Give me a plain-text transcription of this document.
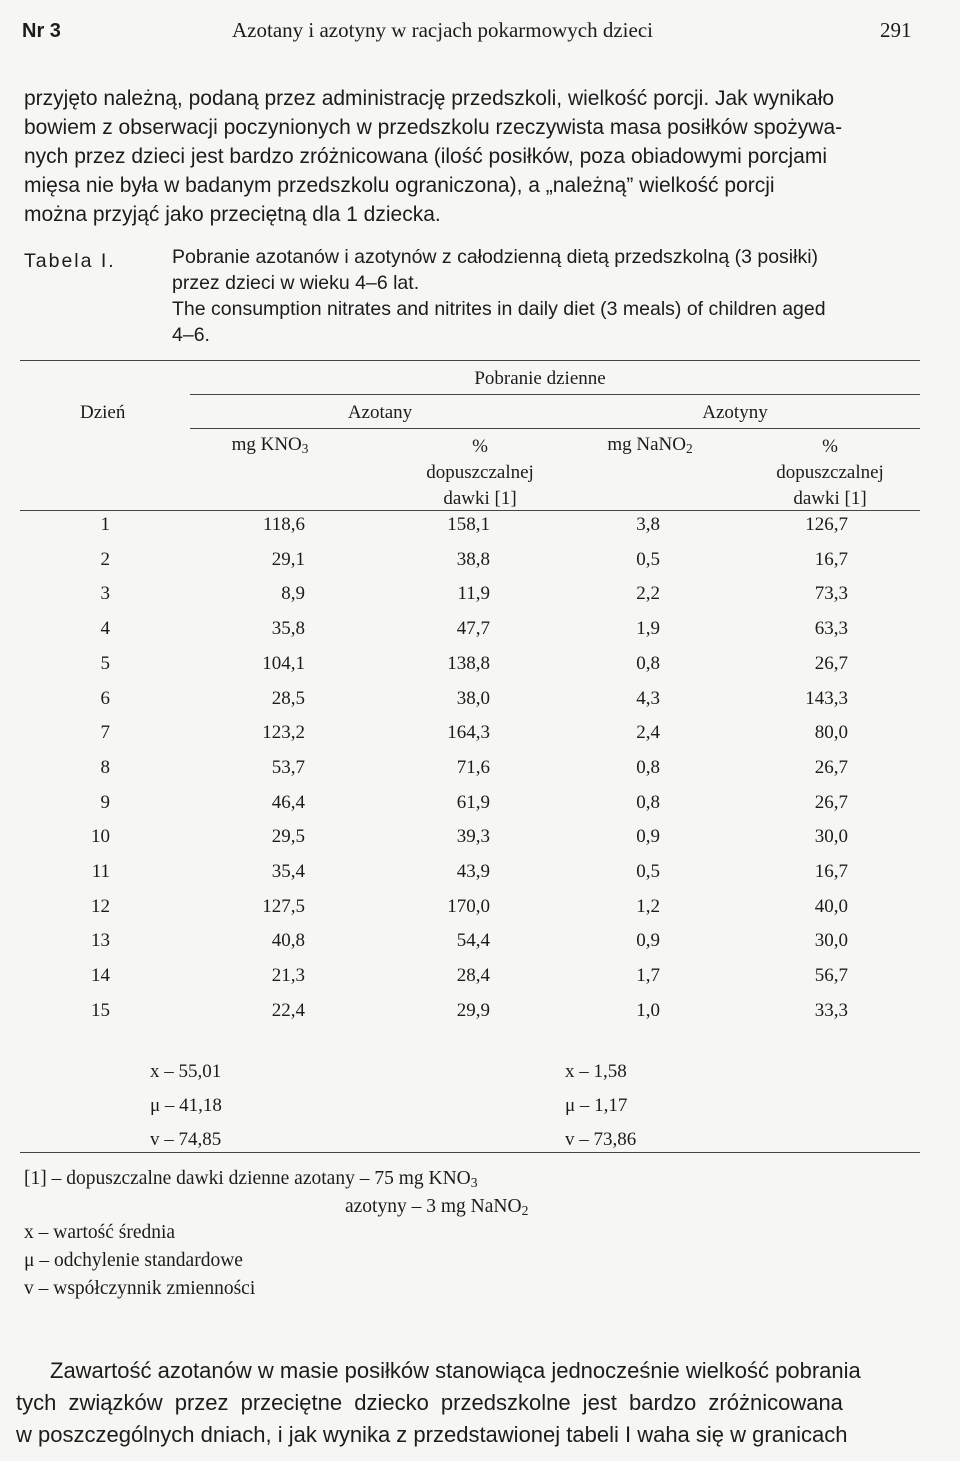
Nr 3	Azotany i azotyny w racjach pokarmowych dzieci	291
przyjęto należną, podaną przez administrację przedszkoli, wielkość porcji. Jak wynikało
bowiem z obserwacji poczynionych w przedszkolu rzeczywista masa posiłków spożywa-
nych przez dzieci jest bardzo zróżnicowana (ilość posiłków, poza obiadowymi porcjami
mięsa nie była w badanym przedszkolu ograniczona), a „należną” wielkość porcji
można przyjąć jako przeciętną dla 1 dziecka.
Tabela I.	Pobranie azotanów i azotynów z całodzienną dietą przedszkolną (3 posiłki)
przez dzieci w wieku 4–6 lat.
The consumption nitrates and nitrites in daily diet (3 meals) of children aged
4–6.
Dzień
Pobranie dzienne
Azotany	Azotyny
mg $KNO_3$	%
dopuszczalnej
dawki [1]
mg NaNO$_2$	%
dopuszczalnej
dawki [1]
1	118,6	158,1	3,8	126,7
2	29,1	38,8	0,5	16,7
3	8,9	11,9	2,2	73,3
4	35,8	47,7	1,9	63,3
5	104,1	138,8	0,8	26,7
6	28,5	38,0	4,3	143,3
7	123,2	164,3	2,4	80,0
8	53,7	71,6	0,8	26,7
9	46,4	61,9	0,8	26,7
10	29,5	39,3	0,9	30,0
11	35,4	43,9	0,5	16,7
12	127,5	170,0	1,2	40,0
13	40,8	54,4	0,9	30,0
14	21,3	28,4	1,7	56,7
15	22,4	29,9	1,0	33,3
x – 55,01
μ – 41,18
v – 74,85
x – 1,58
μ – 1,17
v – 73,86
[1] – dopuszczalne dawki dzienne azotany – 75 mg $KNO_3$
azotyny – 3 mg NaNO$_2$
x – wartość średnia
μ – odchylenie standardowe
v – współczynnik zmienności
Zawartość azotanów w masie posiłków stanowiąca jednocześnie wielkość pobrania
tych związków przez przeciętne dziecko przedszkolne jest bardzo zróżnicowana
w poszczególnych dniach, i jak wynika z przedstawionej tabeli I waha się w granicach
